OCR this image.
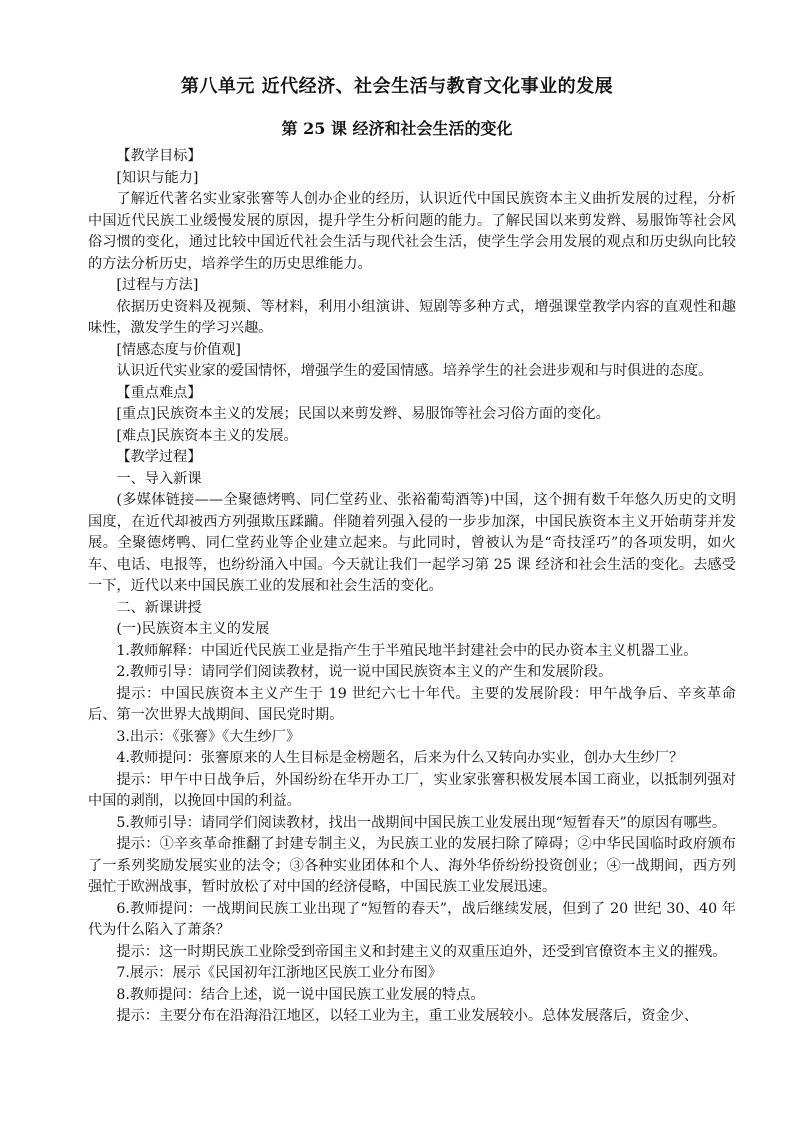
第八单元 近代经济、社会生活与教育文化事业的发展
第 25 课 经济和社会生活的变化

【教学目标】

[知识与能力]

了解近代著名实业家张謇等人创办企业的经历，认识近代中国民族资本主义曲折发展的过程，分析中国近代民族工业缓慢发展的原因，提升学生分析问题的能力。了解民国以来剪发辫、易服饰等社会风俗习惯的变化，通过比较中国近代社会生活与现代社会生活，使学生学会用发展的观点和历史纵向比较的方法分析历史，培养学生的历史思维能力。

[过程与方法]

依据历史资料及视频、等材料，利用小组演讲、短剧等多种方式，增强课堂教学内容的直观性和趣味性，激发学生的学习兴趣。

[情感态度与价值观]

认识近代实业家的爱国情怀，增强学生的爱国情感。培养学生的社会进步观和与时俱进的态度。

【重点难点】

[重点]民族资本主义的发展；民国以来剪发辫、易服饰等社会习俗方面的变化。

[难点]民族资本主义的发展。

【教学过程】

一、导入新课

(多媒体链接——全聚德烤鸭、同仁堂药业、张裕葡萄酒等)中国，这个拥有数千年悠久历史的文明国度，在近代却被西方列强欺压蹂躏。伴随着列强入侵的一步步加深，中国民族资本主义开始萌芽并发展。全聚德烤鸭、同仁堂药业等企业建立起来。与此同时，曾被认为是“奇技淫巧”的各项发明，如火车、电话、电报等，也纷纷涌入中国。今天就让我们一起学习第 25 课 经济和社会生活的变化。去感受一下，近代以来中国民族工业的发展和社会生活的变化。

二、新课讲授

(一)民族资本主义的发展

1.教师解释：中国近代民族工业是指产生于半殖民地半封建社会中的民办资本主义机器工业。

2.教师引导：请同学们阅读教材，说一说中国民族资本主义的产生和发展阶段。

提示：中国民族资本主义产生于 19 世纪六七十年代。主要的发展阶段：甲午战争后、辛亥革命后、第一次世界大战期间、国民党时期。

3.出示：《张謇》《大生纱厂》

4.教师提问：张謇原来的人生目标是金榜题名，后来为什么又转向办实业，创办大生纱厂？

提示：甲午中日战争后，外国纷纷在华开办工厂，实业家张謇积极发展本国工商业，以抵制列强对中国的剥削，以挽回中国的利益。

5.教师引导：请同学们阅读教材，找出一战期间中国民族工业发展出现“短暂春天”的原因有哪些。

提示：①辛亥革命推翻了封建专制主义，为民族工业的发展扫除了障碍；②中华民国临时政府颁布了一系列奖励发展实业的法令；③各种实业团体和个人、海外华侨纷纷投资创业；④一战期间，西方列强忙于欧洲战事，暂时放松了对中国的经济侵略，中国民族工业发展迅速。

6.教师提问：一战期间民族工业出现了“短暂的春天”，战后继续发展，但到了 20 世纪 30、40 年代为什么陷入了萧条？

提示：这一时期民族工业除受到帝国主义和封建主义的双重压迫外，还受到官僚资本主义的摧残。

7.展示：展示《民国初年江浙地区民族工业分布图》

8.教师提问：结合上述，说一说中国民族工业发展的特点。

提示：主要分布在沿海沿江地区，以轻工业为主，重工业发展较小。总体发展落后，资金少、
